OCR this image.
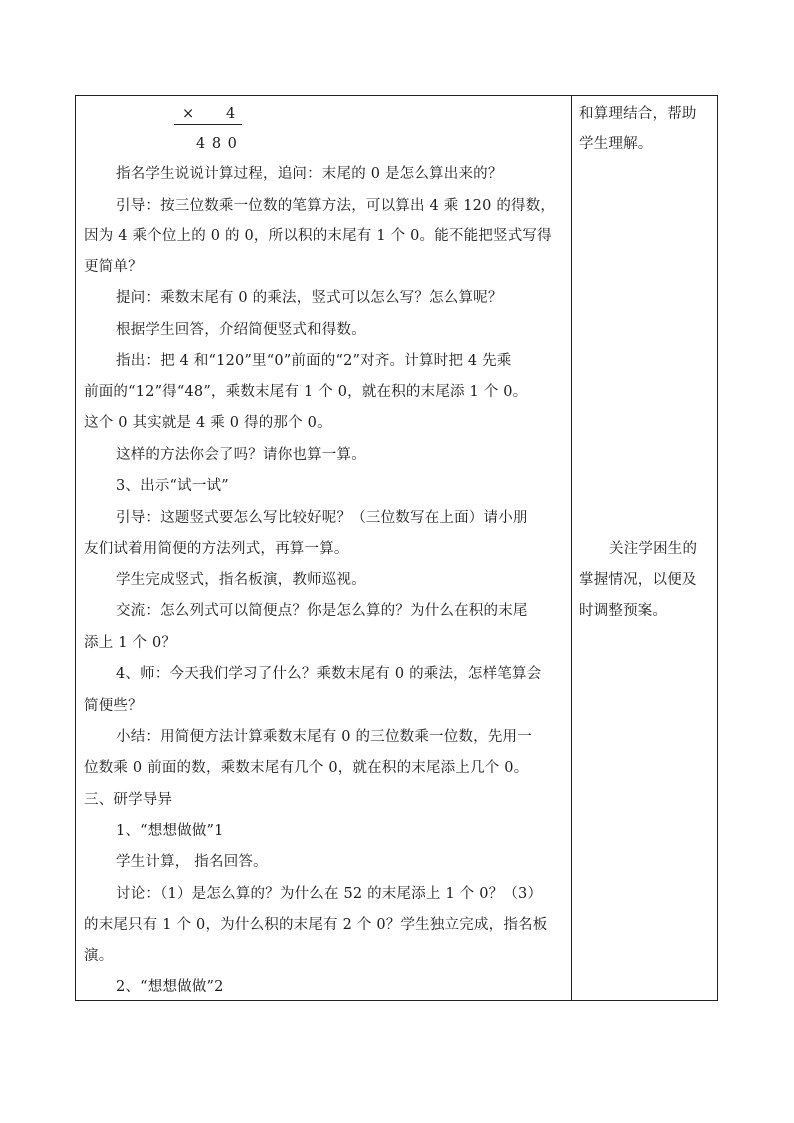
× 4
4 8 0
指名学生说说计算过程，追问：末尾的 0 是怎么算出来的？
引导：按三位数乘一位数的笔算方法，可以算出 4 乘 120 的得数，
因为 4 乘个位上的 0 的 0，所以积的末尾有 1 个 0。能不能把竖式写得
更简单？
提问：乘数末尾有 0 的乘法，竖式可以怎么写？怎么算呢？
根据学生回答，介绍简便竖式和得数。
指出：把 4 和“120”里“0”前面的“2”对齐。计算时把 4 先乘
前面的“12”得“48”，乘数末尾有 1 个 0，就在积的末尾添 1 个 0。
这个 0 其实就是 4 乘 0 得的那个 0。
这样的方法你会了吗？请你也算一算。
3、出示“试一试”
引导：这题竖式要怎么写比较好呢？（三位数写在上面）请小朋
友们试着用简便的方法列式，再算一算。
学生完成竖式，指名板演，教师巡视。
交流：怎么列式可以简便点？你是怎么算的？为什么在积的末尾
添上 1 个 0？
4、师：今天我们学习了什么？乘数末尾有 0 的乘法，怎样笔算会
简便些？
小结：用简便方法计算乘数末尾有 0 的三位数乘一位数，先用一
位数乘 0 前面的数，乘数末尾有几个 0，就在积的末尾添上几个 0。
三、研学导异
1、“想想做做”1
学生计算， 指名回答。
讨论：（1）是怎么算的？为什么在 52 的末尾添上 1 个 0？（3）
的末尾只有 1 个 0，为什么积的末尾有 2 个 0？学生独立完成，指名板
演。
2、“想想做做”2
和算理结合，帮助
学生理解。
关注学困生的
掌握情况，以便及
时调整预案。
